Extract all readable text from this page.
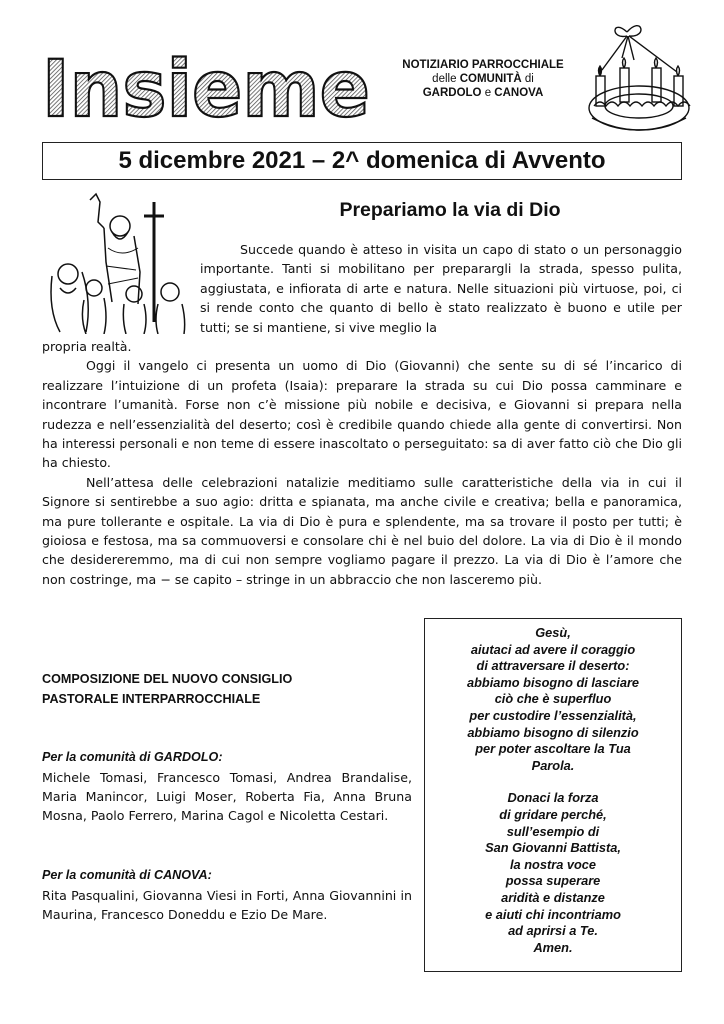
Insieme	NOTIZIARIO PARROCCHIALE
delle COMUNITÀ di
GARDOLO e CANOVA
5 dicembre 2021 – 2^ domenica di Avvento
Prepariamo la via di Dio

Succede quando è atteso in visita un capo di stato o un personaggio importante. Tanti si mobilitano per preparargli la strada, spesso pulita, aggiustata, e infiorata di arte e natura. Nelle situazioni più virtuose, poi, ci si rende conto che quanto di bello è stato realizzato è buono e utile per tutti; se si mantiene, si vive meglio la

propria realtà.

Oggi il vangelo ci presenta un uomo di Dio (Giovanni) che sente su di sé l’incarico di realizzare l’intuizione di un profeta (Isaia): preparare la strada su cui Dio possa camminare e incontrare l’umanità. Forse non c’è missione più nobile e decisiva, e Giovanni si prepara nella rudezza e nell’essenzialità del deserto; così è credibile quando chiede alla gente di convertirsi. Non ha interessi personali e non teme di essere inascoltato o perseguitato: sa di aver fatto ciò che Dio gli ha chiesto.

Nell’attesa delle celebrazioni natalizie meditiamo sulle caratteristiche della via in cui il Signore si sentirebbe a suo agio: dritta e spianata, ma anche civile e creativa; bella e panoramica, ma pure tollerante e ospitale. La via di Dio è pura e splendente, ma sa trovare il posto per tutti; è gioiosa e festosa, ma sa commuoversi e consolare chi è nel buio del dolore. La via di Dio è il mondo che desidereremmo, ma di cui non sempre vogliamo pagare il prezzo. La via di Dio è l’amore che non costringe, ma − se capito – stringe in un abbraccio che non lasceremo più.

COMPOSIZIONE DEL NUOVO CONSIGLIO
PASTORALE INTERPARROCCHIALE
Per la comunità di GARDOLO:
Michele Tomasi, Francesco Tomasi, Andrea Brandalise, Maria Manincor, Luigi Moser, Roberta Fia, Anna Bruna Mosna, Paolo Ferrero, Marina Cagol e Nicoletta Cestari.
Per la comunità di CANOVA:
Rita Pasqualini, Giovanna Viesi in Forti, Anna Giovannini in Maurina, Francesco Doneddu e Ezio De Mare.
Gesù,
aiutaci ad avere il coraggio
di attraversare il deserto:
abbiamo bisogno di lasciare
ciò che è superfluo
per custodire l’essenzialità,
abbiamo bisogno di silenzio
per poter ascoltare la Tua
Parola.
Donaci la forza
di gridare perché,
sull’esempio di
San Giovanni Battista,
la nostra voce
possa superare
aridità e distanze
e aiuti chi incontriamo
ad aprirsi a Te.
Amen.
